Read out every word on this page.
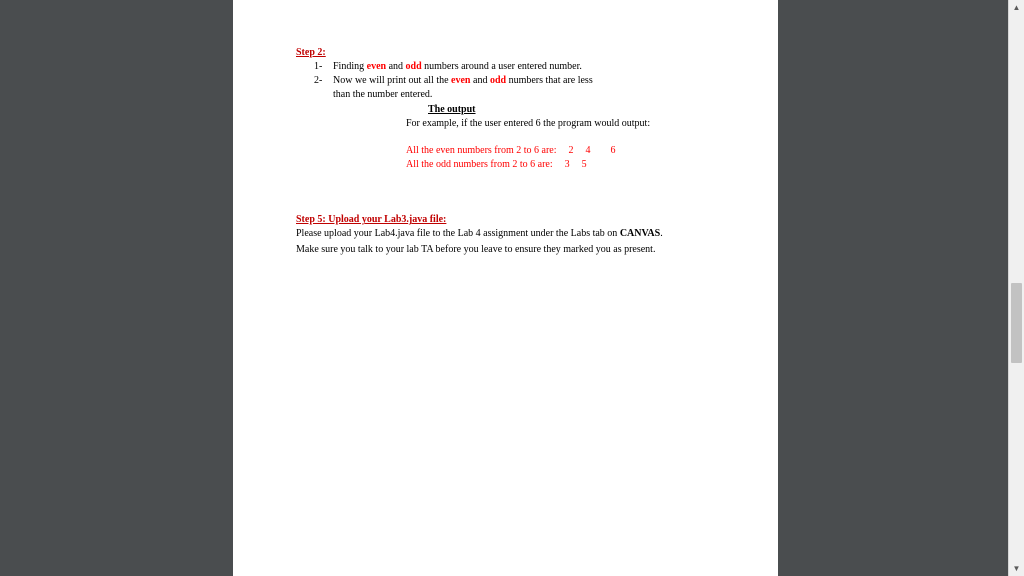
Step 2:

1- Finding even and odd numbers around a user entered number.
2- Now we will print out all the even and odd numbers that are less
than the number entered.
The output
For example, if the user entered 6 the program would output:
All the even numbers from 2 to 6 are: 2 4 6
All the odd numbers from 2 to 6 are: 3 5

Step 5: Upload your Lab3.java file:

Please upload your Lab4.java file to the Lab 4 assignment under the Labs tab on CANVAS.

Make sure you talk to your lab TA before you leave to ensure they marked you as present.

▲
▼
